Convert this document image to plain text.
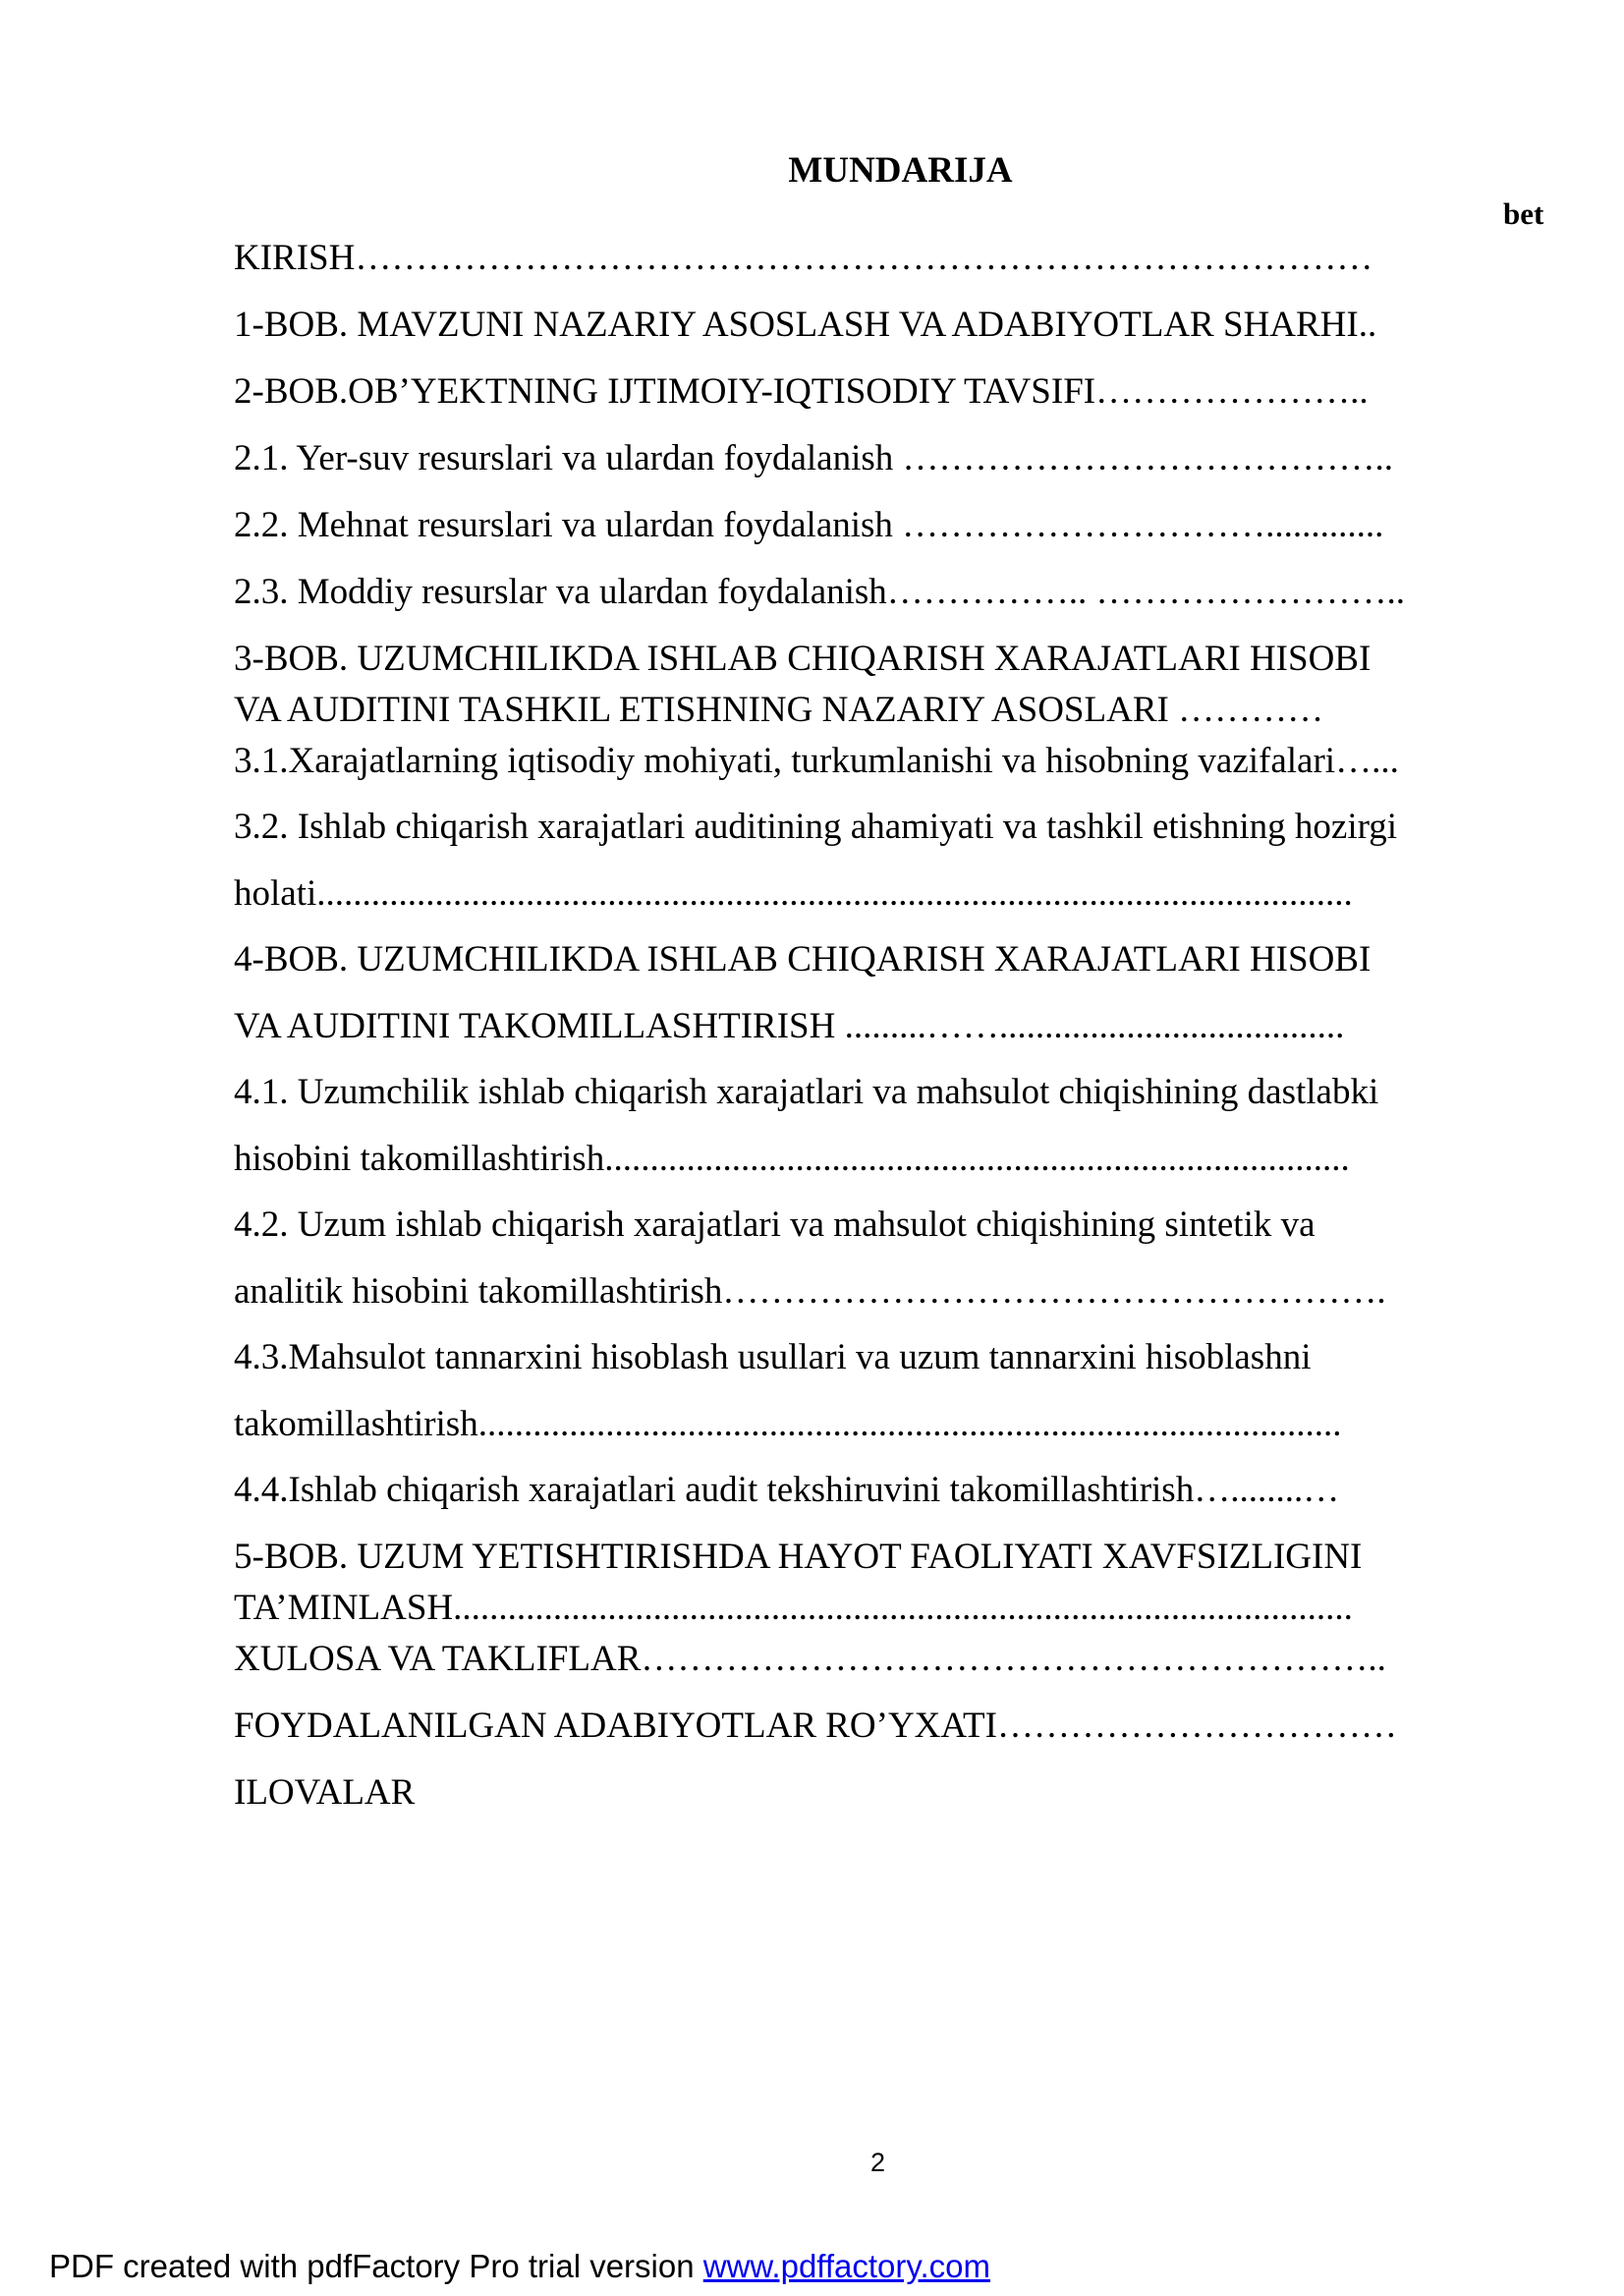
MUNDARIJA
bet
KIRISH…………………………………………………………………………
1-BOB. MAVZUNI NAZARIY ASOSLASH VA ADABIYOTLAR SHARHI..
2-BOB.OB’YEKTNING IJTIMOIY-IQTISODIY TAVSIFI…………………..
2.1. Yer-suv resurslari va ulardan foydalanish …………………………………..
2.2. Mehnat resurslari va ulardan foydalanish ………………………….............
2.3. Moddiy resurslar va ulardan foydalanish…………….. ……………………..
3-BOB. UZUMCHILIKDA ISHLAB CHIQARISH XARAJATLARI HISOBI
VA AUDITINI TASHKIL ETISHNING NAZARIY ASOSLARI …………
3.1.Xarajatlarning iqtisodiy mohiyati, turkumlanishi va hisobning vazifalari…...
3.2. Ishlab chiqarish xarajatlari auditining ahamiyati va tashkil etishning hozirgi
holati..................................................................................................................
4-BOB. UZUMCHILIKDA ISHLAB CHIQARISH XARAJATLARI HISOBI
VA AUDITINI TAKOMILLASHTIRISH .........……......................................
4.1. Uzumchilik ishlab chiqarish xarajatlari va mahsulot chiqishining dastlabki
hisobini takomillashtirish..................................................................................
4.2. Uzum ishlab chiqarish xarajatlari va mahsulot chiqishining sintetik va
analitik hisobini takomillashtirish……………………………………………….
4.3.Mahsulot tannarxini hisoblash usullari va uzum tannarxini hisoblashni
takomillashtirish...............................................................................................
4.4.Ishlab chiqarish xarajatlari audit tekshiruvini takomillashtirish…........…
5-BOB. UZUM YETISHTIRISHDA HAYOT FAOLIYATI XAVFSIZLIGINI
TA’MINLASH...................................................................................................
XULOSA VA TAKLIFLAR……………………………………………………..
FOYDALANILGAN ADABIYOTLAR RO’YXATI……………………………
ILOVALAR
2
PDF created with pdfFactory Pro trial version www.pdffactory.com
